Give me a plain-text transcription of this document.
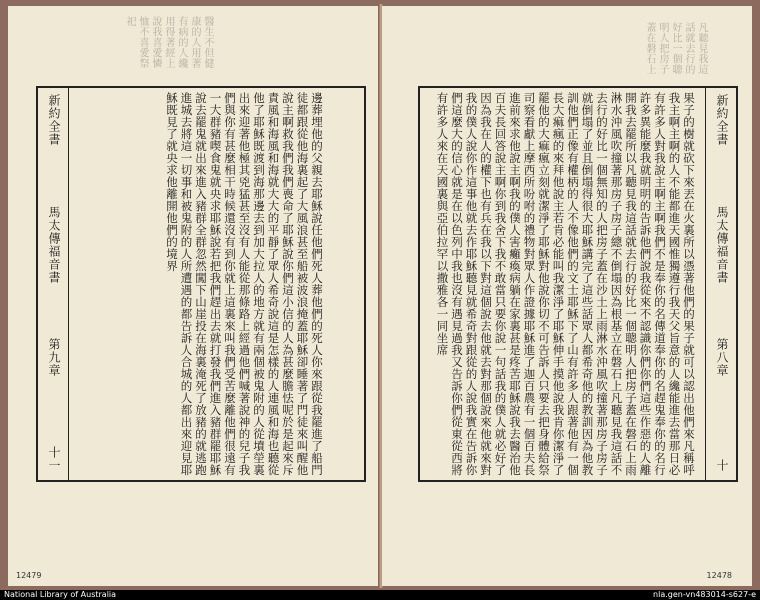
醫生不但健康的人用著有病的人纔用得著經上說我喜愛憐恤不喜愛祭祀
新約全書
馬太傳福音書
第九章
十一	邊葬埋他的父親去耶穌說任他們死人葬他們的死人你來跟從我罷進了船門徒都跟從他海裏起了大風浪甚至船被波浪掩蓋耶穌卻睡著了門徒來叫醒他說主啊救我們我們喪命了耶穌說你們這小信的人為甚麼膽怯呢於是起來斥責風和海風和海就大大的平靜了眾人希奇說這是怎樣的人連風和海也聽從他了耶穌既渡到海那邊去到加大拉人的地方就有兩個被鬼附的人從墳塋裏出來迎著他極其兇猛甚至沒有人能從那條路上經過他們喊著說神的兒子我們與你有甚麼相干時候還沒有到你就上這裏來叫我們受苦麼離他們很遠有一大群豬喫食鬼就央求耶穌說若把我們趕出去就打發我們進入豬群罷耶穌說去罷鬼就出來進入豬群全群忽然闖下山崖投在海裏淹死了放豬的就逃跑進城去將這一切事和被鬼附的人所遭遇的都告訴人合城的人都出來迎見耶穌既見了就央求他離開他們的境界
12479
凡聽見我這話就去行的好比一個聰明人把房子蓋在磐石上
新約全書
馬太傳福音書
第八章
十
果子的樹就砍下來丟在火裏所以憑著他們的果子就可以認出他們來凡稱呼我主啊主啊的人不能都進天國惟獨遵行我天父旨意的人纔能進去當那日必有許多人對我說主啊主啊我們不是奉你的名傳道奉你的名趕鬼奉你的名行許多異能麼我就明明的告訴他們說我從來不認識你們你們這些作惡的人離開我去罷所以凡聽見我這話就去行的好比一個聰明人把房子蓋在磐石上雨淋水沖風吹撞著那房子房子總不倒塌因為根基立在磐石上凡聽見我這話不去行的好比一個無知的人把房子蓋在沙土上雨淋水沖風吹撞著那房子房子就倒塌了並且倒塌得很大耶穌講完了這些話眾人都希奇他的教訓因為他教訓他們正像有權柄的人不像他們的文士耶穌下了山有許多人跟著他有一個長大痲瘋的來拜他說主若肯必能叫我潔淨了耶穌伸手摸他說我肯你潔淨了罷他的大痲瘋立刻就潔淨了耶穌對他說你切不可告訴人只要去把身體給祭司察看獻上摩西所吩咐的禮物對眾人作證據耶穌進了迦百農有一個百夫長進前來求他說主啊我的僕人害癱瘓病躺在家裏甚是疼苦耶穌說我去醫治他百夫長回答說主啊你到我舍下我不敢當只要你說一句話我的僕人就必好了因為我在人的權下也有兵在我以下對這個說去他就去對那個說來他就來對我的僕人說你作這事他就去作耶穌聽見就希奇對跟從的人說我實在告訴你們這麼大的信心就是在以色列中我也沒有遇見過我又告訴你們從東從西將有許多人來在天國裏與亞伯拉罕以撒雅各一同坐席
12478
National Library of Australia	nla.gen-vn483014-s627-e
